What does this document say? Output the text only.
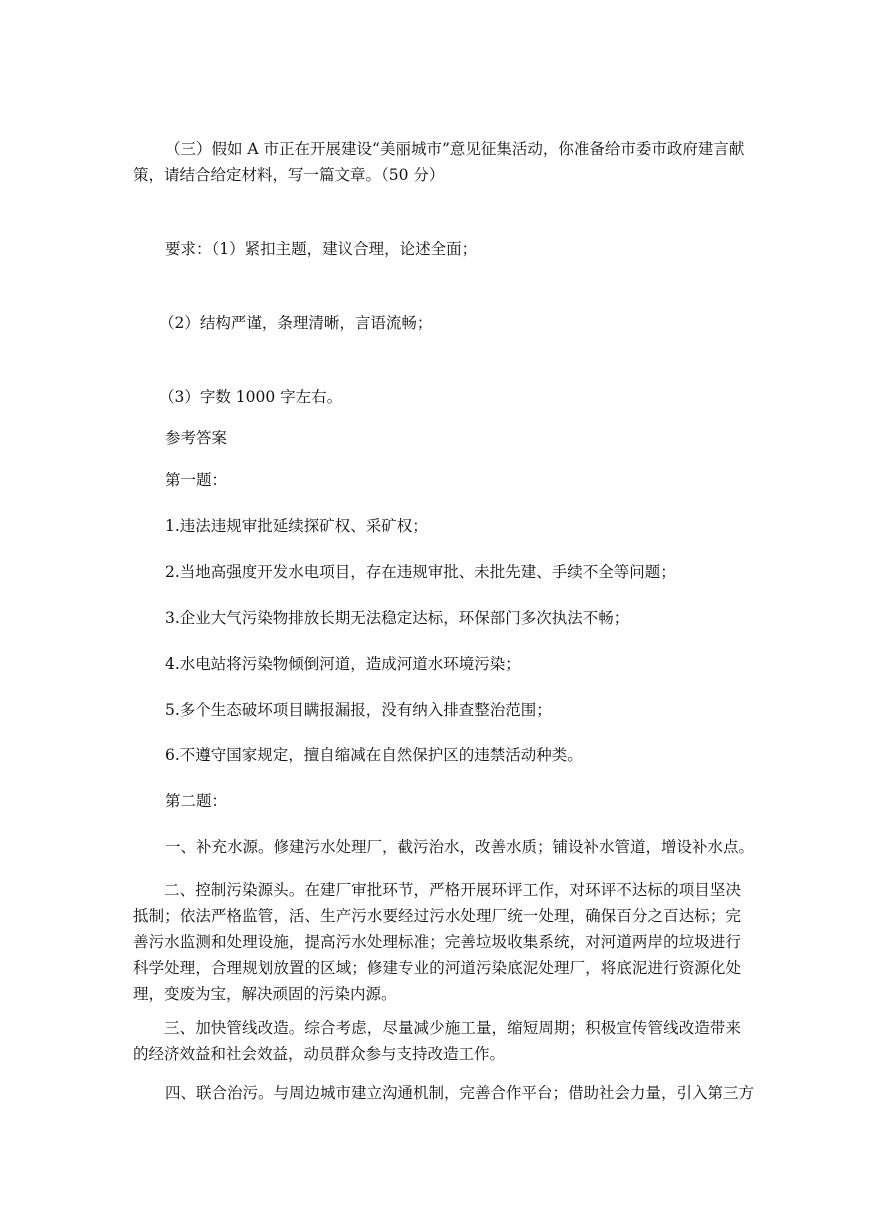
（三）假如 A 市正在开展建设“美丽城市”意见征集活动，你准备给市委市政府建言献

策，请结合给定材料，写一篇文章。（50 分）

要求：（1）紧扣主题，建议合理，论述全面；

（2）结构严谨，条理清晰，言语流畅；

（3）字数 1000 字左右。

参考答案

第一题：

1.违法违规审批延续探矿权、采矿权；

2.当地高强度开发水电项目，存在违规审批、未批先建、手续不全等问题；

3.企业大气污染物排放长期无法稳定达标，环保部门多次执法不畅；

4.水电站将污染物倾倒河道，造成河道水环境污染；

5.多个生态破坏项目瞒报漏报，没有纳入排查整治范围；

6.不遵守国家规定，擅自缩减在自然保护区的违禁活动种类。

第二题：

一、补充水源。修建污水处理厂，截污治水，改善水质；铺设补水管道，增设补水点。

二、控制污染源头。在建厂审批环节，严格开展环评工作，对环评不达标的项目坚决抵制；依法严格监管，活、生产污水要经过污水处理厂统一处理，确保百分之百达标；完善污水监测和处理设施，提高污水处理标准；完善垃圾收集系统，对河道两岸的垃圾进行科学处理，合理规划放置的区域；修建专业的河道污染底泥处理厂，将底泥进行资源化处理，变废为宝，解决顽固的污染内源。

三、加快管线改造。综合考虑，尽量减少施工量，缩短周期；积极宣传管线改造带来的经济效益和社会效益，动员群众参与支持改造工作。

四、联合治污。与周边城市建立沟通机制，完善合作平台；借助社会力量，引入第三方
